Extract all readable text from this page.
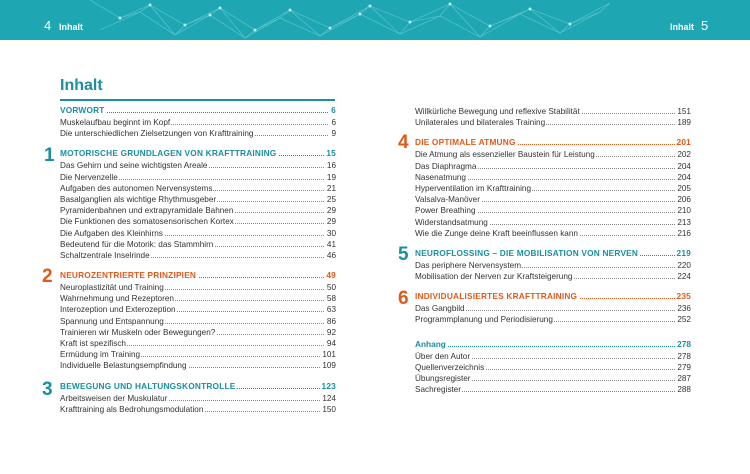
4 Inhalt	Inhalt 5
Inhalt
VORWORT	6
Muskelaufbau beginnt im Kopf	6
Die unterschiedlichen Zielsetzungen von Krafttraining	9
MOTORISCHE GRUNDLAGEN VON KRAFTTRAINING	15
Das Gehirn und seine wichtigsten Areale	16
Die Nervenzelle	19
Aufgaben des autonomen Nervensystems	21
Basalganglien als wichtige Rhythmusgeber	25
Pyramidenbahnen und extrapyramidale Bahnen	29
Die Funktionen des somatosensorischen Kortex	29
Die Aufgaben des Kleinhirns	30
Bedeutend für die Motorik: das Stammhirn	41
Schaltzentrale Inselrinde	46
NEUROZENTRIERTE PRINZIPIEN	49
Neuroplastizität und Training	50
Wahrnehmung und Rezeptoren	58
Interozeption und Exterozeption	63
Spannung und Entspannung	86
Trainieren wir Muskeln oder Bewegungen?	92
Kraft ist spezifisch	94
Ermüdung im Training	101
Individuelle Belastungsempfindung	109
BEWEGUNG UND HALTUNGSKONTROLLE	123
Arbeitsweisen der Muskulatur	124
Krafttraining als Bedrohungsmodulation	150
1
2
3
Willkürliche Bewegung und reflexive Stabilität	151
Unilaterales und bilaterales Training	189
DIE OPTIMALE ATMUNG	201
Die Atmung als essenzieller Baustein für Leistung	202
Das Diaphragma	204
Nasenatmung	204
Hyperventilation im Krafttraining	205
Valsalva-Manöver	206
Power Breathing	210
Widerstandsatmung	213
Wie die Zunge deine Kraft beeinflussen kann	216
NEUROFLOSSING – DIE MOBILISATION VON NERVEN	219
Das periphere Nervensystem	220
Mobilisation der Nerven zur Kraftsteigerung	224
INDIVIDUALISIERTES KRAFTTRAINING	235
Das Gangbild	236
Programmplanung und Periodisierung	252
Anhang	278
Über den Autor	278
Quellenverzeichnis	279
Übungsregister	287
Sachregister	288
4
5
6
